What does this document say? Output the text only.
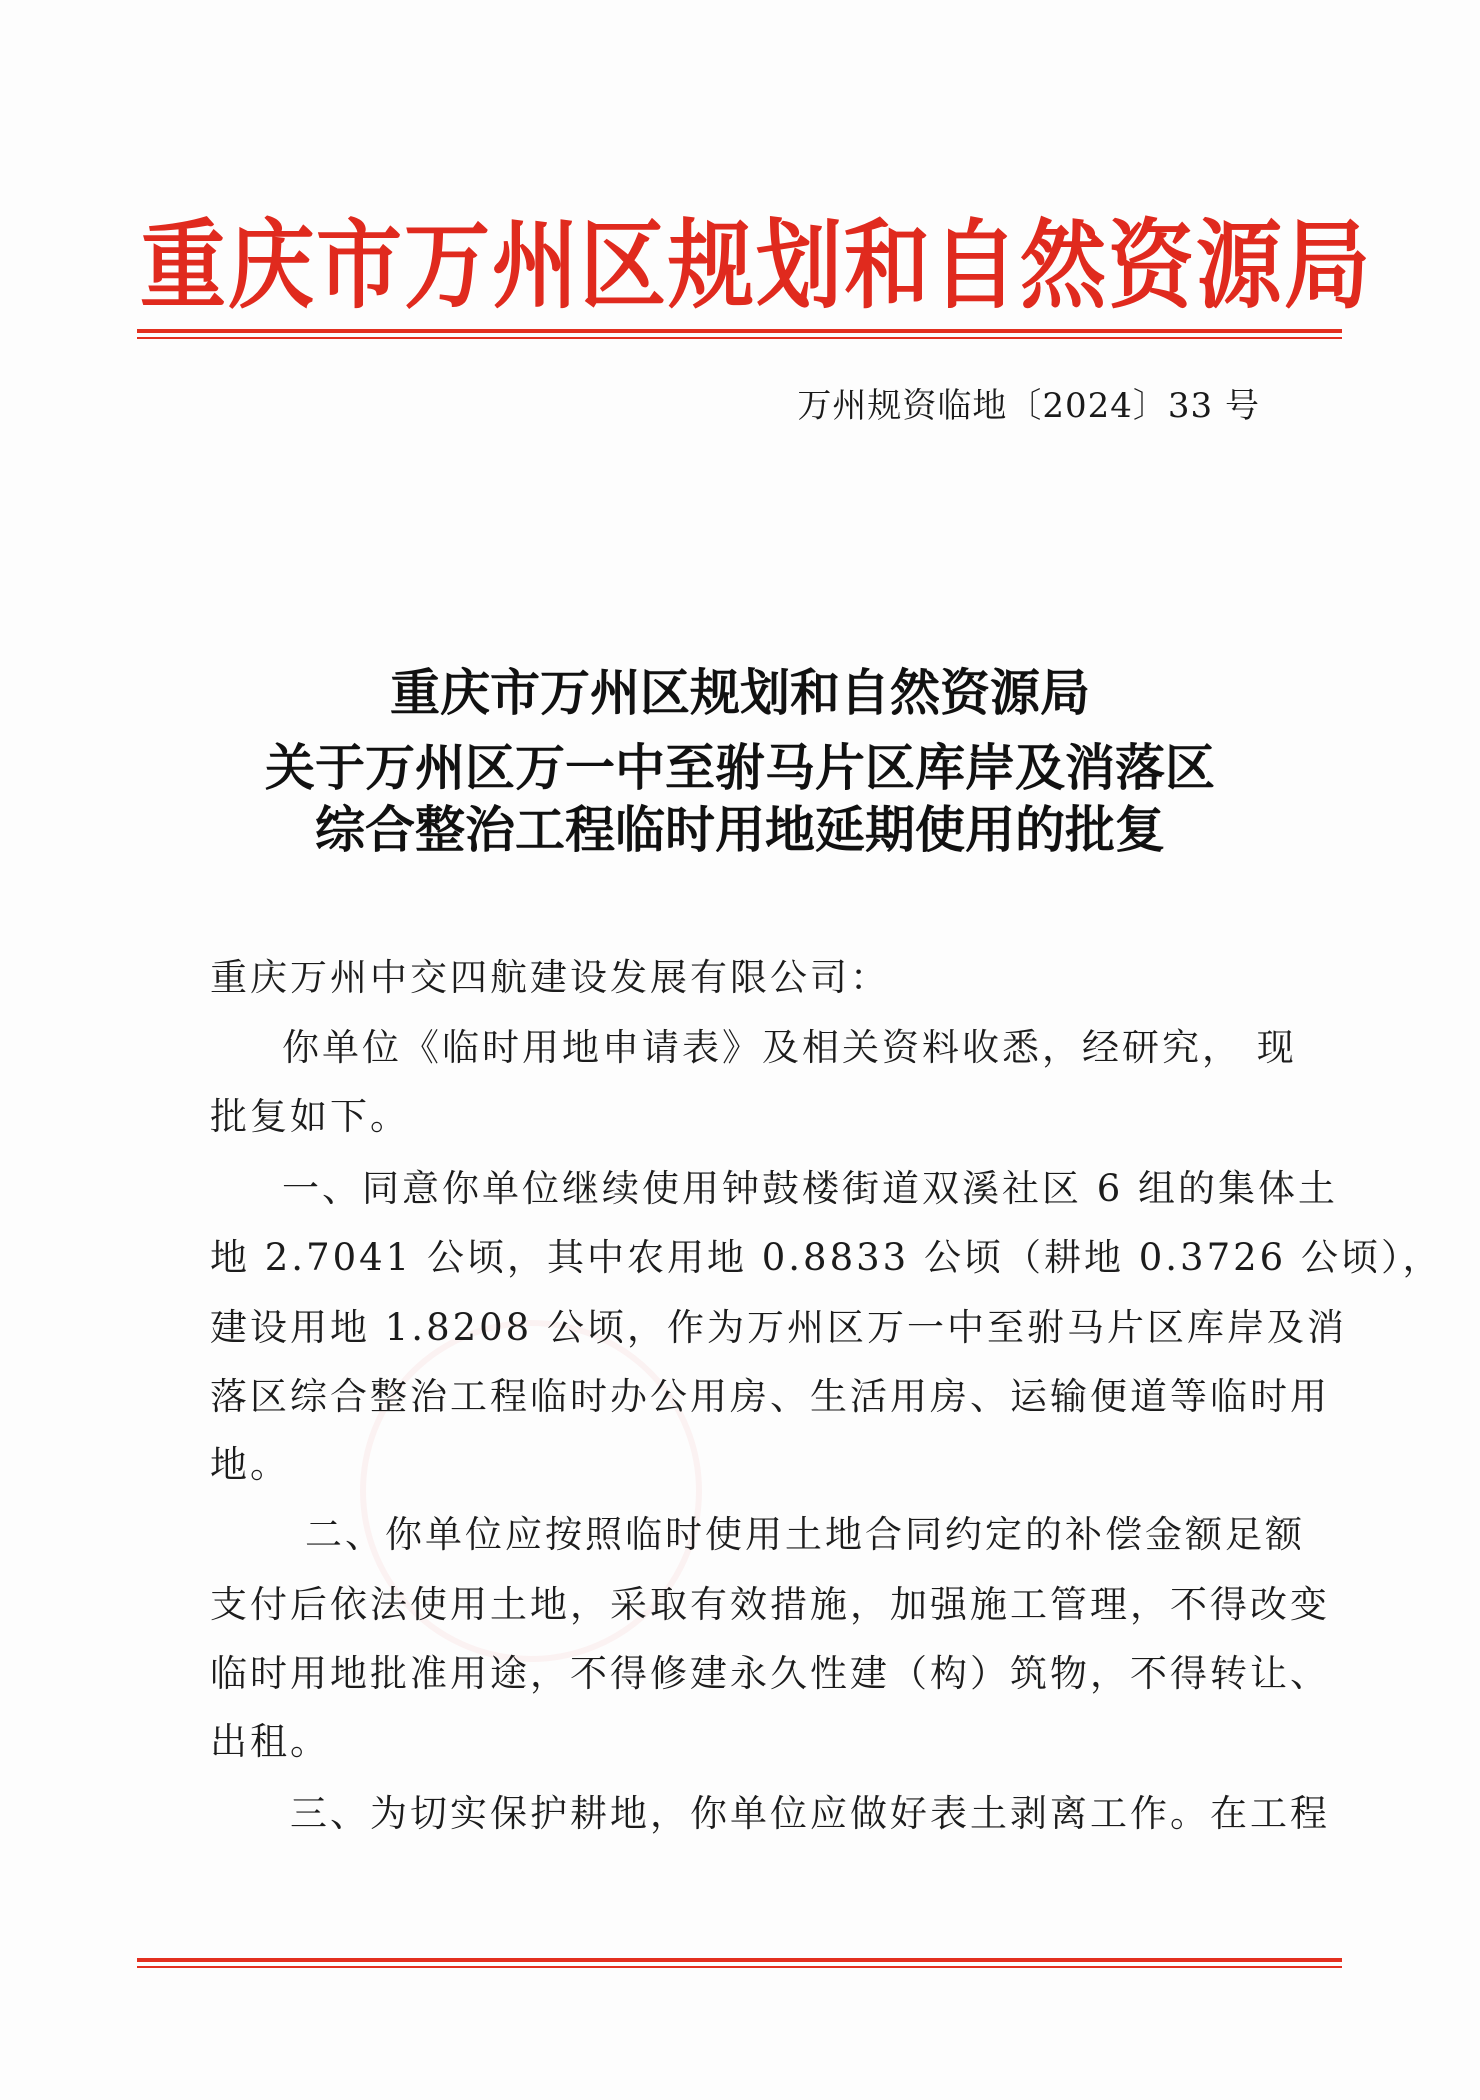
重庆市万州区规划和自然资源局
万州规资临地〔2024〕33 号
重庆市万州区规划和自然资源局
关于万州区万一中至驸马片区库岸及消落区
综合整治工程临时用地延期使用的批复
重庆万州中交四航建设发展有限公司：
你单位《临时用地申请表》及相关资料收悉，经研究， 现
批复如下。
一、同意你单位继续使用钟鼓楼街道双溪社区 6 组的集体土
地 2.7041 公顷，其中农用地 0.8833 公顷（耕地 0.3726 公顷），
建设用地 1.8208 公顷，作为万州区万一中至驸马片区库岸及消
落区综合整治工程临时办公用房、生活用房、运输便道等临时用
地。
二、你单位应按照临时使用土地合同约定的补偿金额足额
支付后依法使用土地，采取有效措施，加强施工管理，不得改变
临时用地批准用途，不得修建永久性建（构）筑物，不得转让、
出租。
三、为切实保护耕地，你单位应做好表土剥离工作。在工程
